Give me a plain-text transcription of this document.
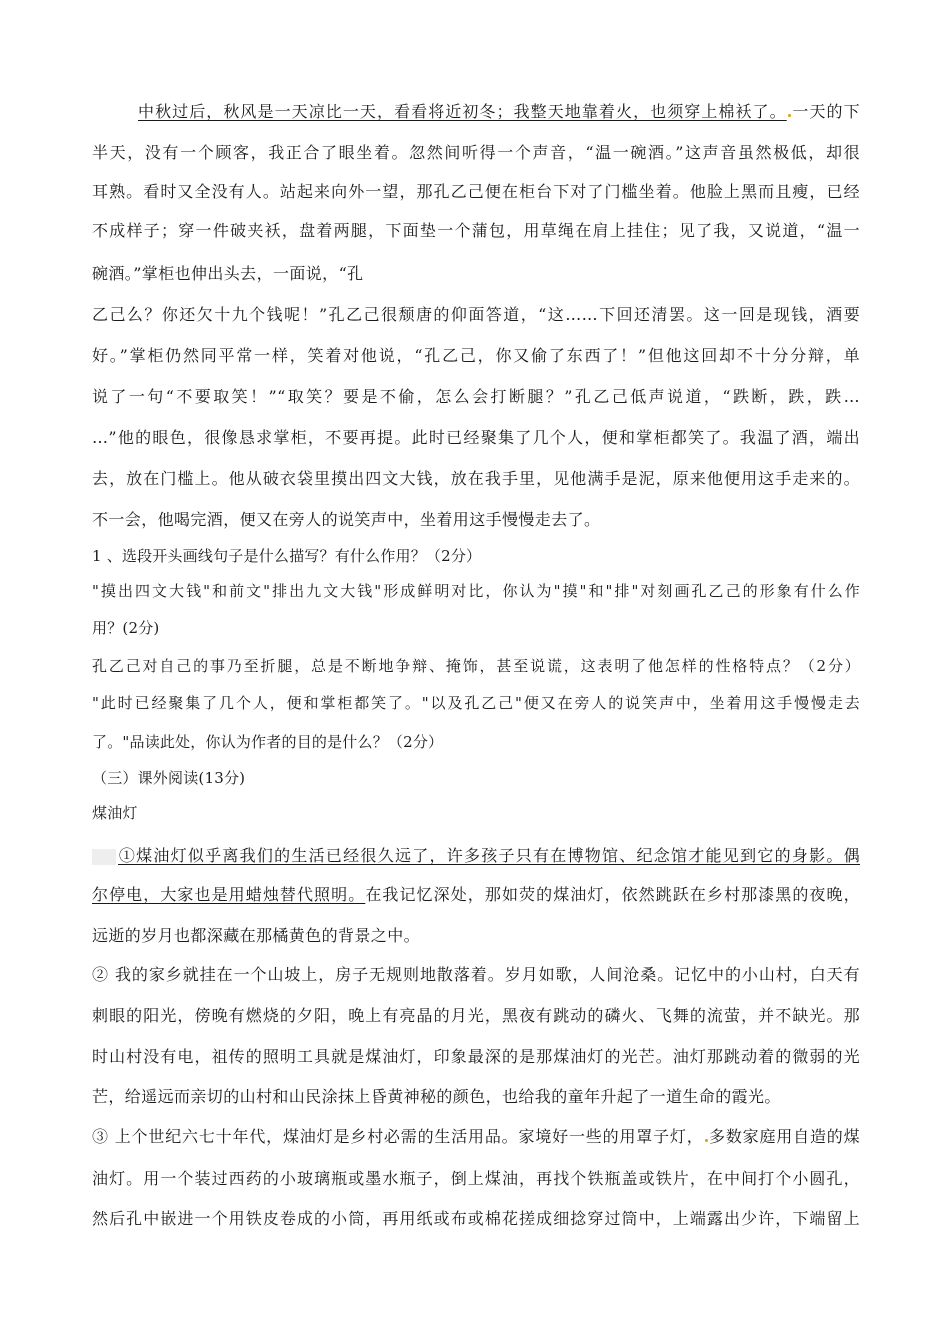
中秋过后，秋风是一天凉比一天，看看将近初冬；我整天地靠着火，也须穿上棉袄了。 一天的下
半天，没有一个顾客，我正合了眼坐着。忽然间听得一个声音，“温一碗酒。”这声音虽然极低，却很
耳熟。看时又全没有人。站起来向外一望，那孔乙己便在柜台下对了门槛坐着。他脸上黑而且瘦，已经
不成样子；穿一件破夹袄，盘着两腿，下面垫一个蒲包，用草绳在肩上挂住；见了我，又说道，“温一
碗酒。”掌柜也伸出头去，一面说，“孔
乙己么？你还欠十九个钱呢！”孔乙己很颓唐的仰面答道，“这……下回还清罢。这一回是现钱，酒要
好。”掌柜仍然同平常一样，笑着对他说，“孔乙己，你又偷了东西了！”但他这回却不十分分辩，单
说了一句“不要取笑！”“取笑？要是不偷，怎么会打断腿？”孔乙己低声说道，“跌断，跌，跌…
…”他的眼色，很像恳求掌柜，不要再提。此时已经聚集了几个人，便和掌柜都笑了。我温了酒，端出
去，放在门槛上。他从破衣袋里摸出四文大钱，放在我手里，见他满手是泥，原来他便用这手走来的。
不一会，他喝完酒，便又在旁人的说笑声中，坐着用这手慢慢走去了。
1 、选段开头画线句子是什么描写？有什么作用？（2分）
"摸出四文大钱"和前文"排出九文大钱"形成鲜明对比，你认为"摸"和"排"对刻画孔乙己的形象有什么作
用？(2分)
孔乙己对自己的事乃至折腿，总是不断地争辩、掩饰，甚至说谎，这表明了他怎样的性格特点？（2分）
"此时已经聚集了几个人，便和掌柜都笑了。"以及孔乙己"便又在旁人的说笑声中，坐着用这手慢慢走去
了。"品读此处，你认为作者的目的是什么？（2分）
（三）课外阅读(13分)
煤油灯
①煤油灯似乎离我们的生活已经很久远了，许多孩子只有在博物馆、纪念馆才能见到它的身影。偶
尔停电，大家也是用蜡烛替代照明。在我记忆深处，那如荧的煤油灯，依然跳跃在乡村那漆黑的夜晚，
远逝的岁月也都深藏在那橘黄色的背景之中。
② 我的家乡就挂在一个山坡上，房子无规则地散落着。岁月如歌，人间沧桑。记忆中的小山村，白天有
刺眼的阳光，傍晚有燃烧的夕阳，晚上有亮晶的月光，黑夜有跳动的磷火、飞舞的流萤，并不缺光。那
时山村没有电，祖传的照明工具就是煤油灯，印象最深的是那煤油灯的光芒。油灯那跳动着的微弱的光
芒，给遥远而亲切的山村和山民涂抹上昏黄神秘的颜色，也给我的童年升起了一道生命的霞光。
③ 上个世纪六七十年代，煤油灯是乡村必需的生活用品。家境好一些的用罩子灯， 多数家庭用自造的煤
油灯。用一个装过西药的小玻璃瓶或墨水瓶子，倒上煤油，再找个铁瓶盖或铁片，在中间打个小圆孔，
然后孔中嵌进一个用铁皮卷成的小筒，再用纸或布或棉花搓成细捻穿过筒中，上端露出少许，下端留上
